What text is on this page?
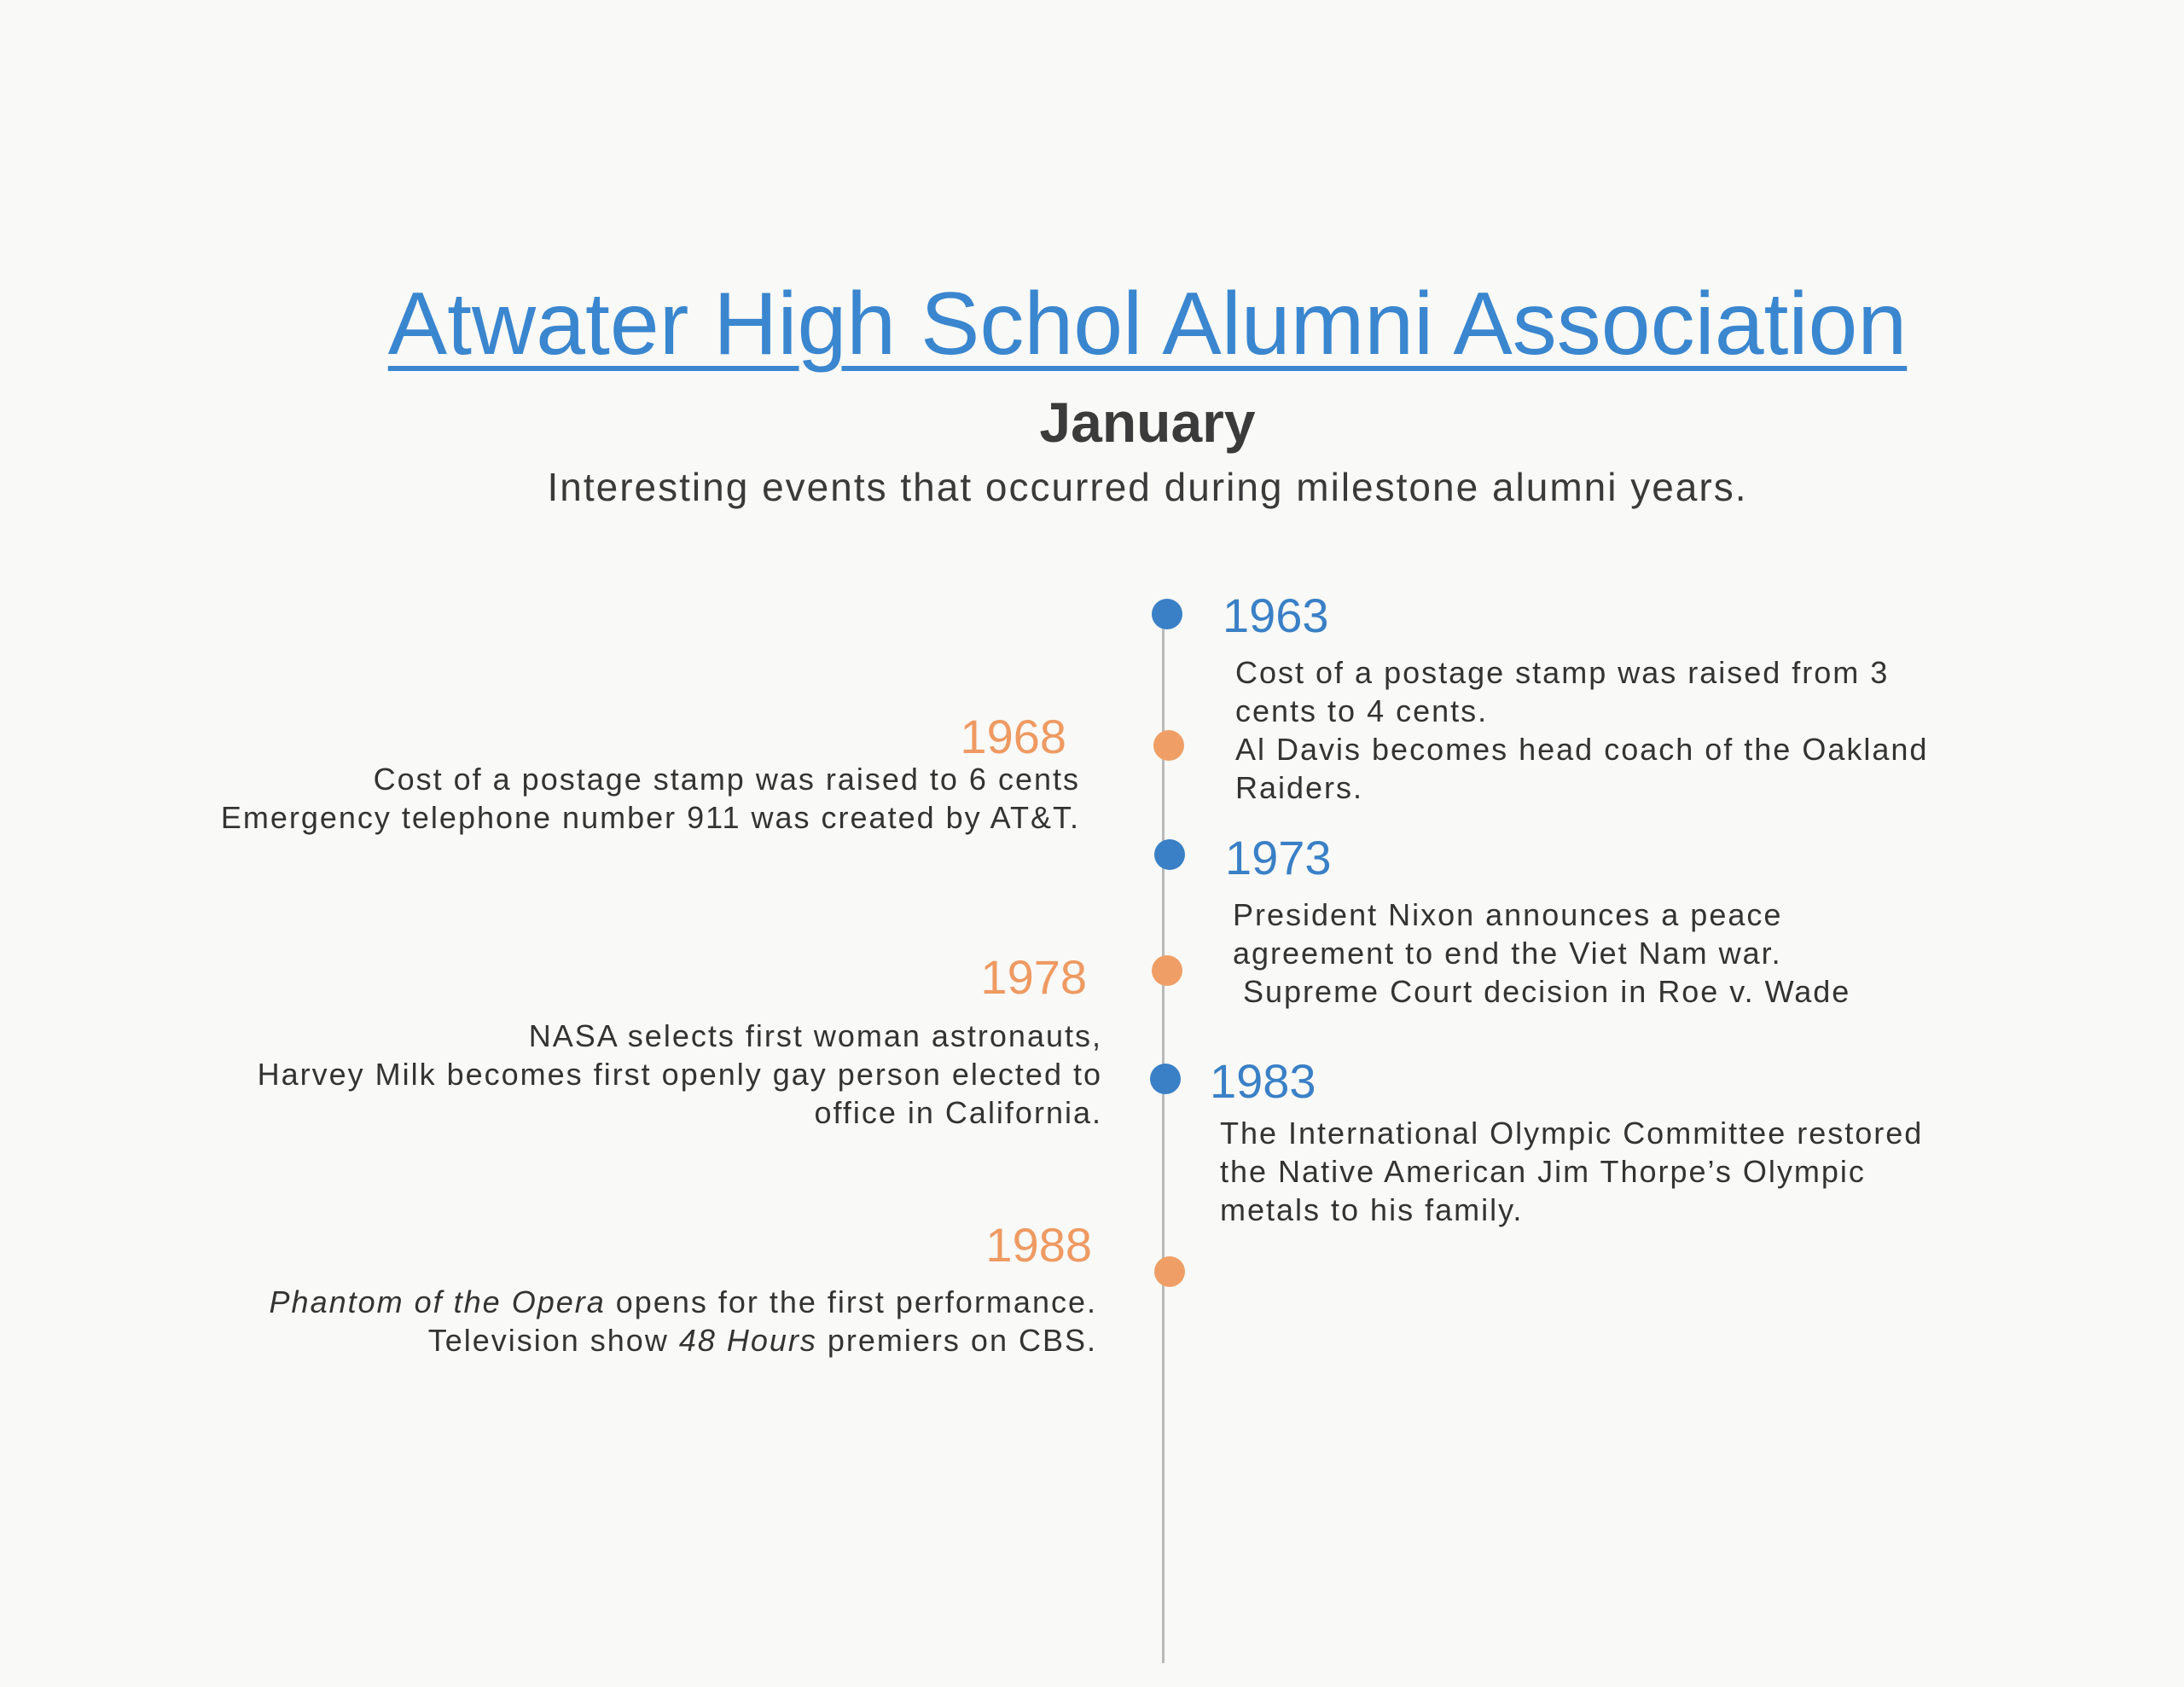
Atwater High Schol Alumni Association
January
Interesting events that occurred during milestone alumni years.
1963
Cost of a postage stamp was raised from 3
cents to 4 cents.
Al Davis becomes head coach of the Oakland
Raiders.
1968
Cost of a postage stamp was raised to 6 cents
Emergency telephone number 911 was created by AT&T.
1973
President Nixon announces a peace
agreement to end the Viet Nam war.
Supreme Court decision in Roe v. Wade
1978
NASA selects first woman astronauts,
Harvey Milk becomes first openly gay person elected to
office in California.
1983
The International Olympic Committee restored
the Native American Jim Thorpe’s Olympic
metals to his family.
1988
Phantom of the Opera opens for the first performance.
Television show 48 Hours premiers on CBS.
